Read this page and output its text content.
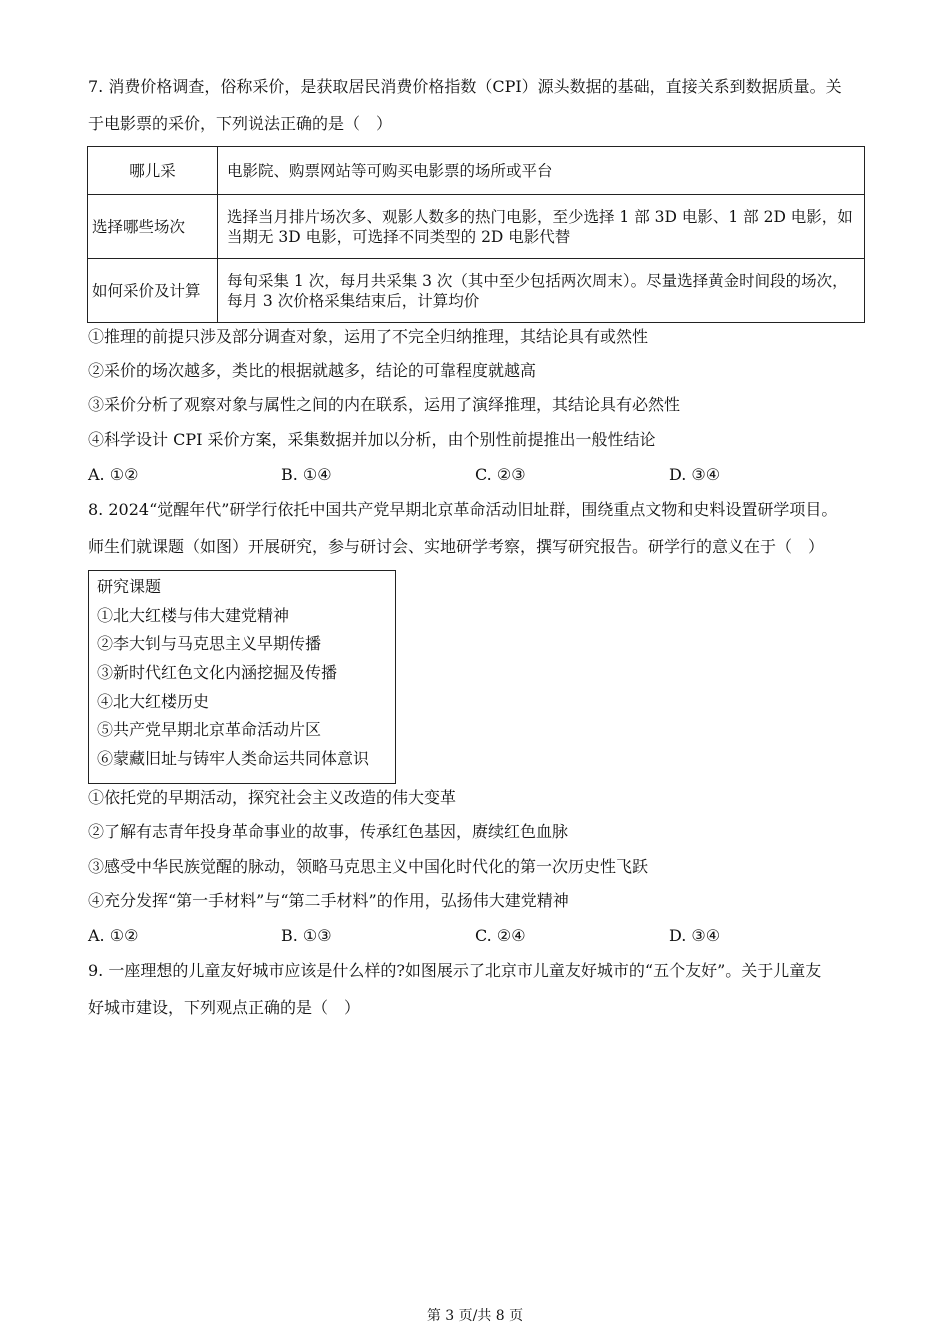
7. 消费价格调查，俗称采价，是获取居民消费价格指数（CPI）源头数据的基础，直接关系到数据质量。关
于电影票的采价，下列说法正确的是（　）
哪儿采	电影院、购票网站等可购买电影票的场所或平台
选择哪些场次	选择当月排片场次多、观影人数多的热门电影，至少选择 1 部 3D 电影、1 部 2D 电影，如当期无 3D 电影，可选择不同类型的 2D 电影代替
如何采价及计算	每旬采集 1 次，每月共采集 3 次（其中至少包括两次周末）。尽量选择黄金时间段的场次，每月 3 次价格采集结束后，计算均价
①推理的前提只涉及部分调查对象，运用了不完全归纳推理，其结论具有或然性
②采价的场次越多，类比的根据就越多，结论的可靠程度就越高
③采价分析了观察对象与属性之间的内在联系，运用了演绎推理，其结论具有必然性
④科学设计 CPI 采价方案，采集数据并加以分析，由个别性前提推出一般性结论
A. ①②	B. ①④	C. ②③	D. ③④
8. 2024“觉醒年代”研学行依托中国共产党早期北京革命活动旧址群，围绕重点文物和史料设置研学项目。
师生们就课题（如图）开展研究，参与研讨会、实地研学考察，撰写研究报告。研学行的意义在于（　）
研究课题
①北大红楼与伟大建党精神
②李大钊与马克思主义早期传播
③新时代红色文化内涵挖掘及传播
④北大红楼历史
⑤共产党早期北京革命活动片区
⑥蒙藏旧址与铸牢人类命运共同体意识
①依托党的早期活动，探究社会主义改造的伟大变革
②了解有志青年投身革命事业的故事，传承红色基因，赓续红色血脉
③感受中华民族觉醒的脉动，领略马克思主义中国化时代化的第一次历史性飞跃
④充分发挥“第一手材料”与“第二手材料”的作用，弘扬伟大建党精神
A. ①②	B. ①③	C. ②④	D. ③④
9. 一座理想的儿童友好城市应该是什么样的?如图展示了北京市儿童友好城市的“五个友好”。关于儿童友
好城市建设，下列观点正确的是（　）
第 3 页/共 8 页
